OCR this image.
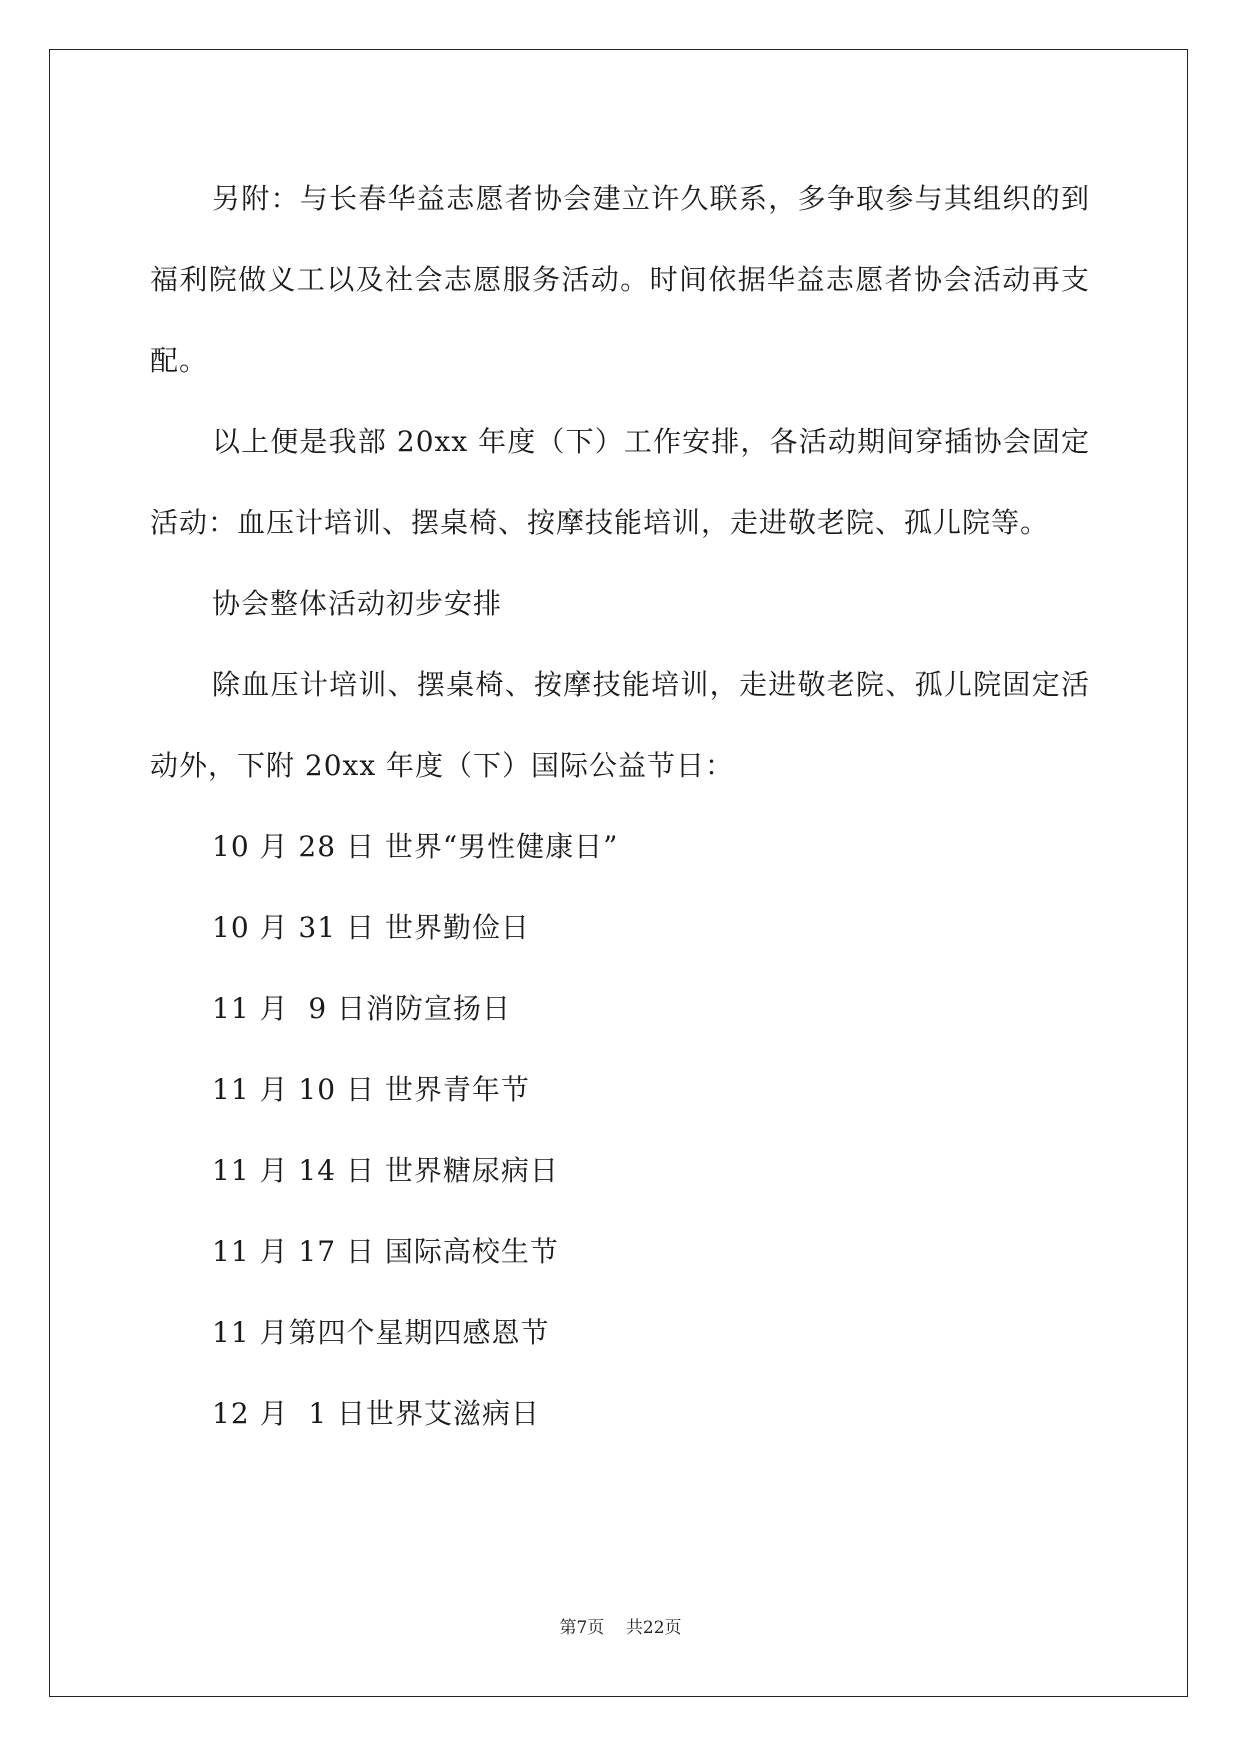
另附：与长春华益志愿者协会建立许久联系，多争取参与其组织的到福利院做义工以及社会志愿服务活动。时间依据华益志愿者协会活动再支配。

以上便是我部 20xx 年度（下）工作安排，各活动期间穿插协会固定活动：血压计培训、摆桌椅、按摩技能培训，走进敬老院、孤儿院等。

协会整体活动初步安排

除血压计培训、摆桌椅、按摩技能培训，走进敬老院、孤儿院固定活动外，下附 20xx 年度（下）国际公益节日：

10 月 28 日 世界“男性健康日”

10 月 31 日 世界勤俭日

11 月  9 日消防宣扬日

11 月 10 日 世界青年节

11 月 14 日 世界糖尿病日

11 月 17 日 国际高校生节

11 月第四个星期四感恩节

12 月  1 日世界艾滋病日

第7页 共22页
